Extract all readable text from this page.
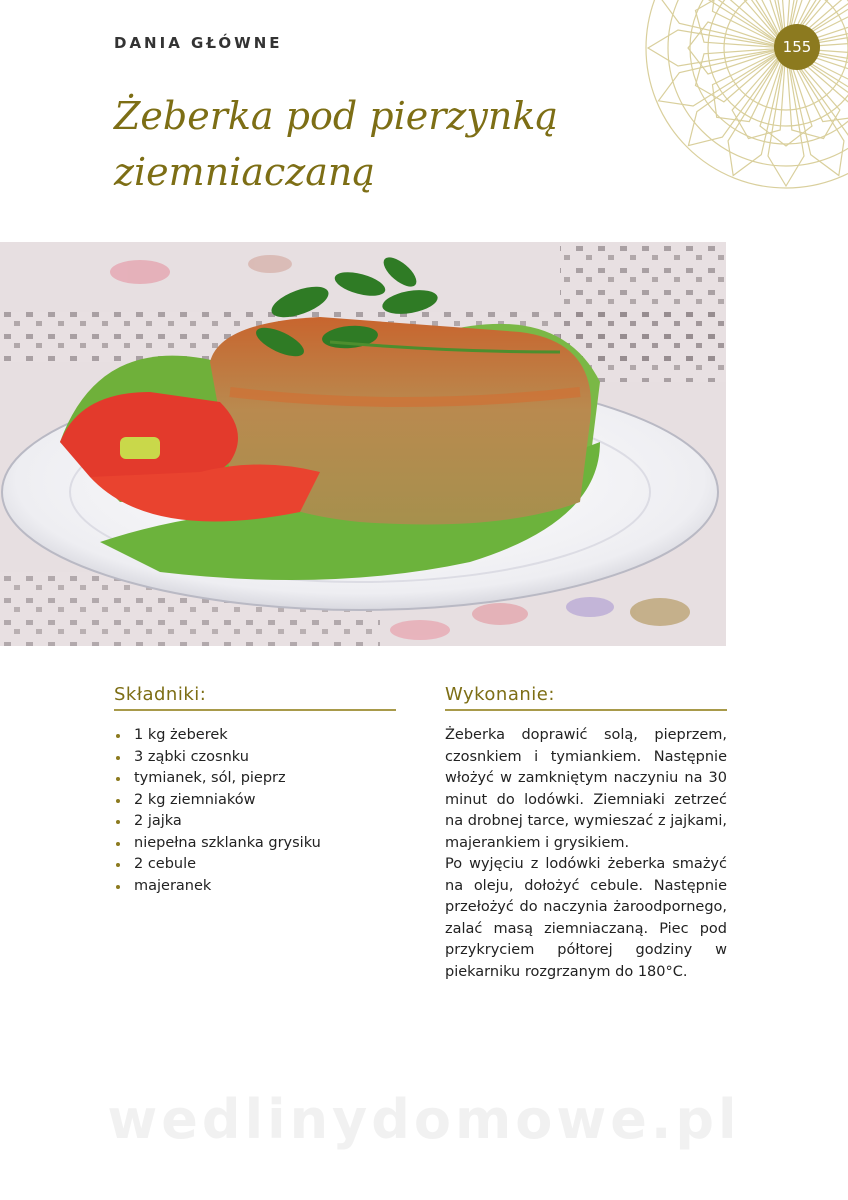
DANIA GŁÓWNE	155
Żeberka pod pierzynką
ziemniaczaną
Składniki:
1 kg żeberek
3 ząbki czosnku
tymianek, sól, pieprz
2 kg ziemniaków
2 jajka
niepełna szklanka grysiku
2 cebule
majeranek
Wykonanie:

Żeberka doprawić solą, pieprzem, czosnkiem i tymiankiem. Następnie włożyć w zamkniętym naczyniu na 30 minut do lodówki. Ziemniaki zetrzeć na drobnej tarce, wymieszać z jajkami, majerankiem i grysikiem.

Po wyjęciu z lodówki żeberka smażyć na oleju, dołożyć cebule. Następnie przełożyć do naczynia żaroodpornego, zalać masą ziemniaczaną. Piec pod przykryciem półtorej godziny w piekarniku rozgrzanym do 180°C.

wedlinydomowe.pl
